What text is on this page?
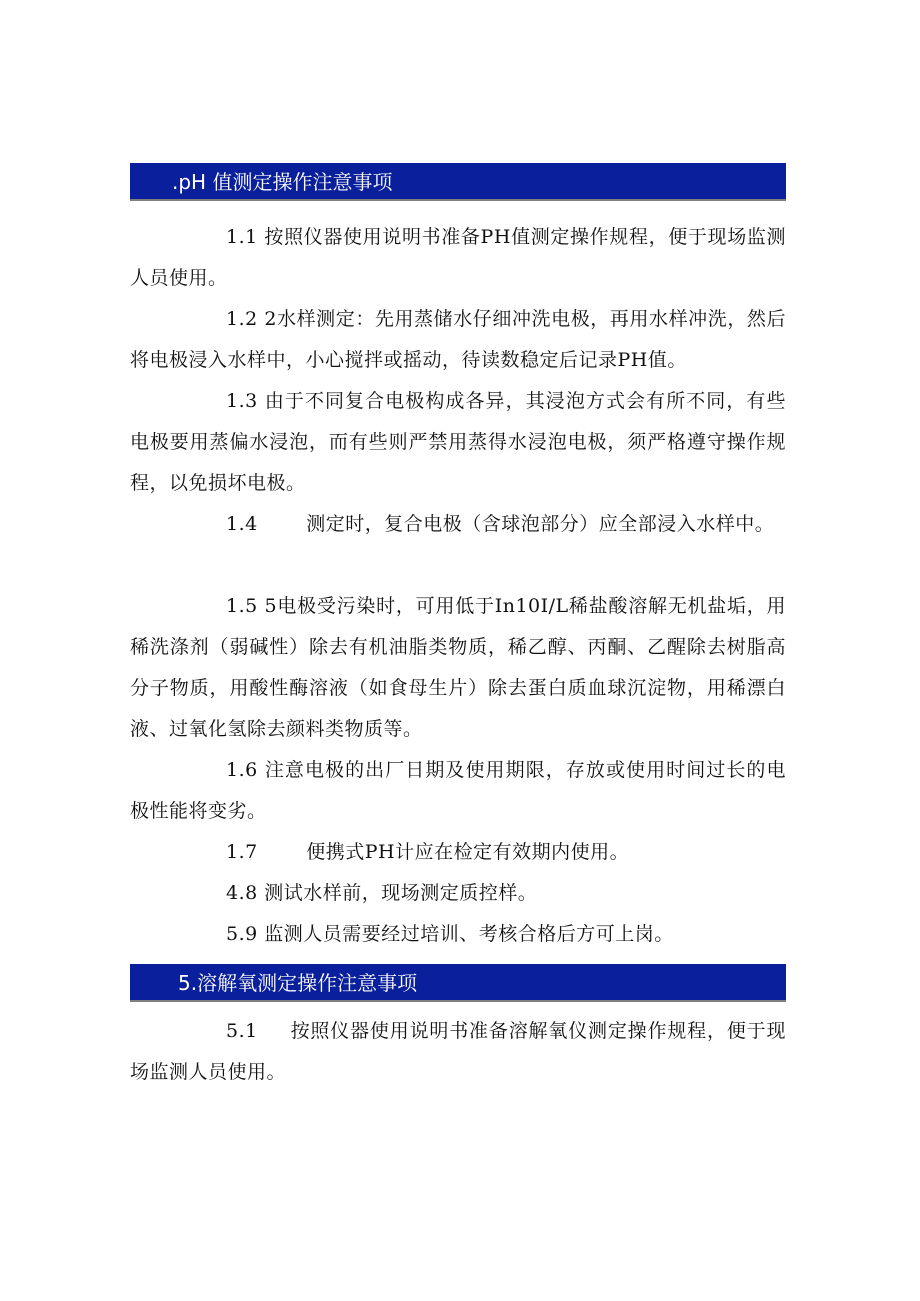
.pH 值测定操作注意事项

1.1 按照仪器使用说明书准备PH值测定操作规程，便于现场监测人员使用。

1.2 2水样测定：先用蒸储水仔细冲洗电极，再用水样冲洗，然后将电极浸入水样中，小心搅拌或摇动，待读数稳定后记录PH值。

1.3 由于不同复合电极构成各异，其浸泡方式会有所不同，有些电极要用蒸偏水浸泡，而有些则严禁用蒸得水浸泡电极，须严格遵守操作规程，以免损坏电极。

1.4	测定时，复合电极（含球泡部分）应全部浸入水样中。

1.5 5电极受污染时，可用低于In10I/L稀盐酸溶解无机盐垢，用稀洗涤剂（弱碱性）除去有机油脂类物质，稀乙醇、丙酮、乙醒除去树脂高分子物质，用酸性酶溶液（如食母生片）除去蛋白质血球沉淀物，用稀漂白液、过氧化氢除去颜料类物质等。

1.6 注意电极的出厂日期及使用期限，存放或使用时间过长的电极性能将变劣。

1.7	便携式PH计应在检定有效期内使用。

4.8 测试水样前，现场测定质控样。

5.9 监测人员需要经过培训、考核合格后方可上岗。

5.溶解氧测定操作注意事项

5.1 按照仪器使用说明书准备溶解氧仪测定操作规程，便于现场监测人员使用。
